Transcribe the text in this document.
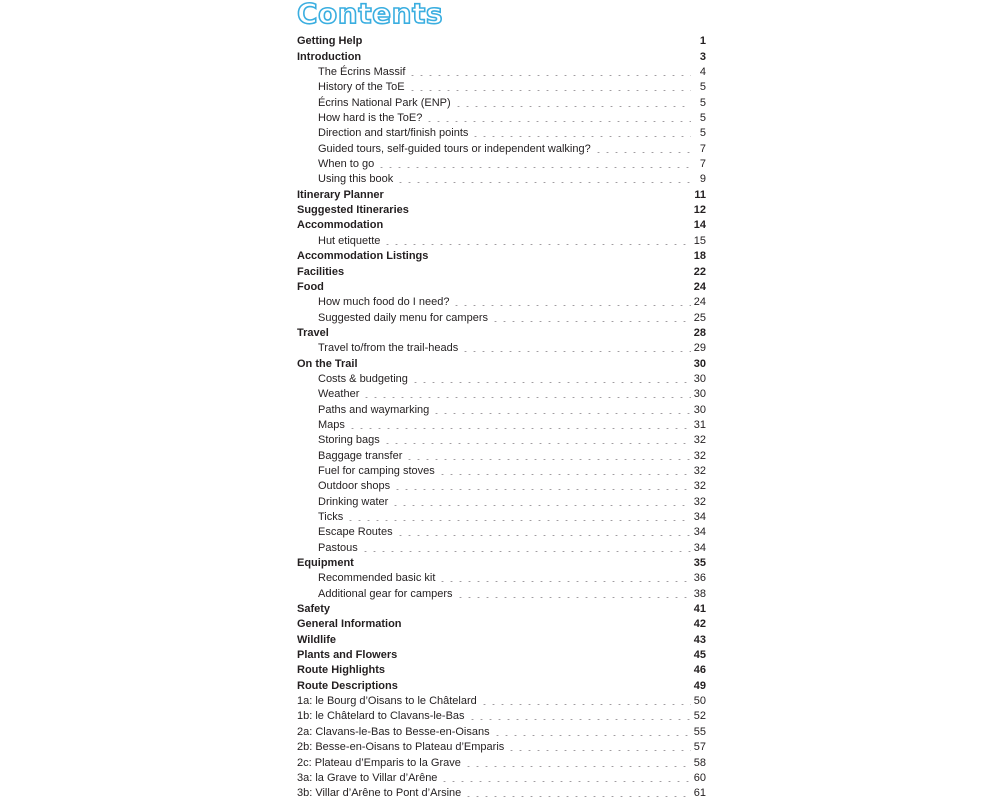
Contents
Getting Help	1
Introduction	3
The Écrins Massif	4
History of the ToE	5
Écrins National Park (ENP)	5
How hard is the ToE?	5
Direction and start/finish points	5
Guided tours, self-guided tours or independent walking?	7
When to go	7
Using this book	9
Itinerary Planner	11
Suggested Itineraries	12
Accommodation	14
Hut etiquette	15
Accommodation Listings	18
Facilities	22
Food	24
How much food do I need?	24
Suggested daily menu for campers	25
Travel	28
Travel to/from the trail-heads	29
On the Trail	30
Costs & budgeting	30
Weather	30
Paths and waymarking	30
Maps	31
Storing bags	32
Baggage transfer	32
Fuel for camping stoves	32
Outdoor shops	32
Drinking water	32
Ticks	34
Escape Routes	34
Pastous	34
Equipment	35
Recommended basic kit	36
Additional gear for campers	38
Safety	41
General Information	42
Wildlife	43
Plants and Flowers	45
Route Highlights	46
Route Descriptions	49
1a: le Bourg d’Oisans to le Châtelard	50
1b: le Châtelard to Clavans-le-Bas	52
2a: Clavans-le-Bas to Besse-en-Oisans	55
2b: Besse-en-Oisans to Plateau d’Emparis	57
2c: Plateau d’Emparis to la Grave	58
3a: la Grave to Villar d’Arêne	60
3b: Villar d’Arêne to Pont d’Arsine	61
